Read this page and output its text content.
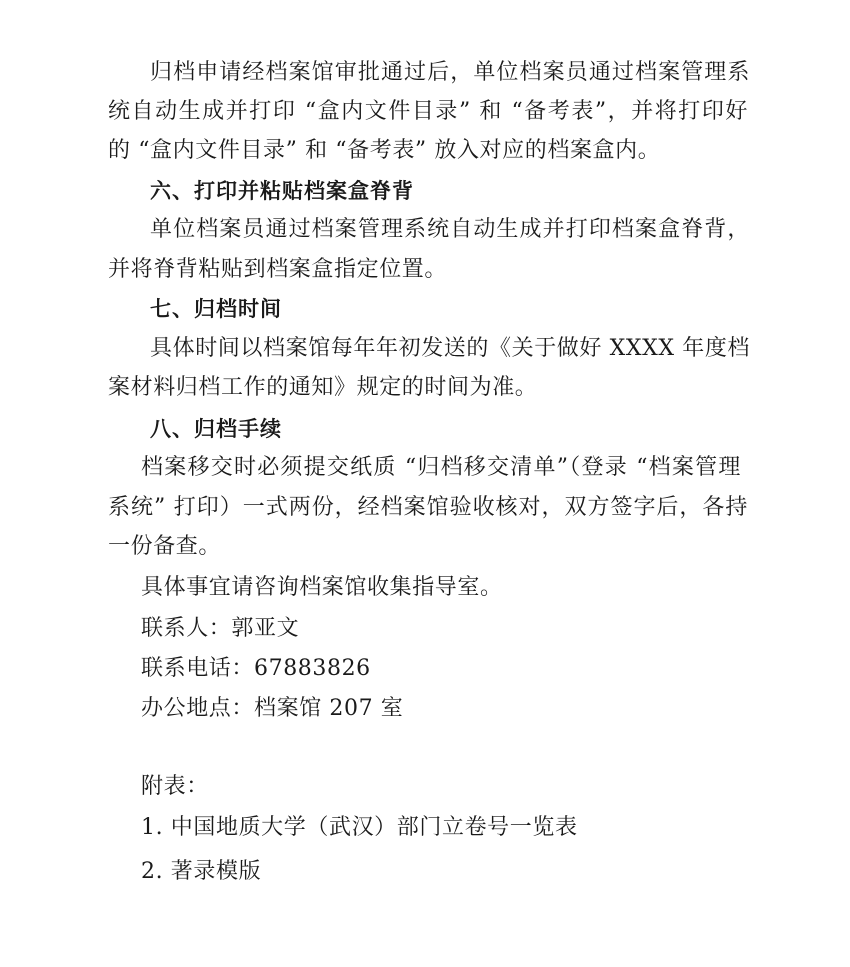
归档申请经档案馆审批通过后，单位档案员通过档案管理系
统自动生成并打印 “盒内文件目录” 和 “备考表”，并将打印好
的 “盒内文件目录” 和 “备考表” 放入对应的档案盒内。
六、打印并粘贴档案盒脊背
单位档案员通过档案管理系统自动生成并打印档案盒脊背，
并将脊背粘贴到档案盒指定位置。
七、归档时间
具体时间以档案馆每年年初发送的《关于做好 XXXX 年度档
案材料归档工作的通知》规定的时间为准。
八、归档手续
档案移交时必须提交纸质 “归档移交清单”（登录 “档案管理
系统” 打印）一式两份，经档案馆验收核对，双方签字后，各持
一份备查。
具体事宜请咨询档案馆收集指导室。
联系人：郭亚文
联系电话：67883826
办公地点：档案馆 207 室
附表：
1. 中国地质大学（武汉）部门立卷号一览表
2. 著录模版
